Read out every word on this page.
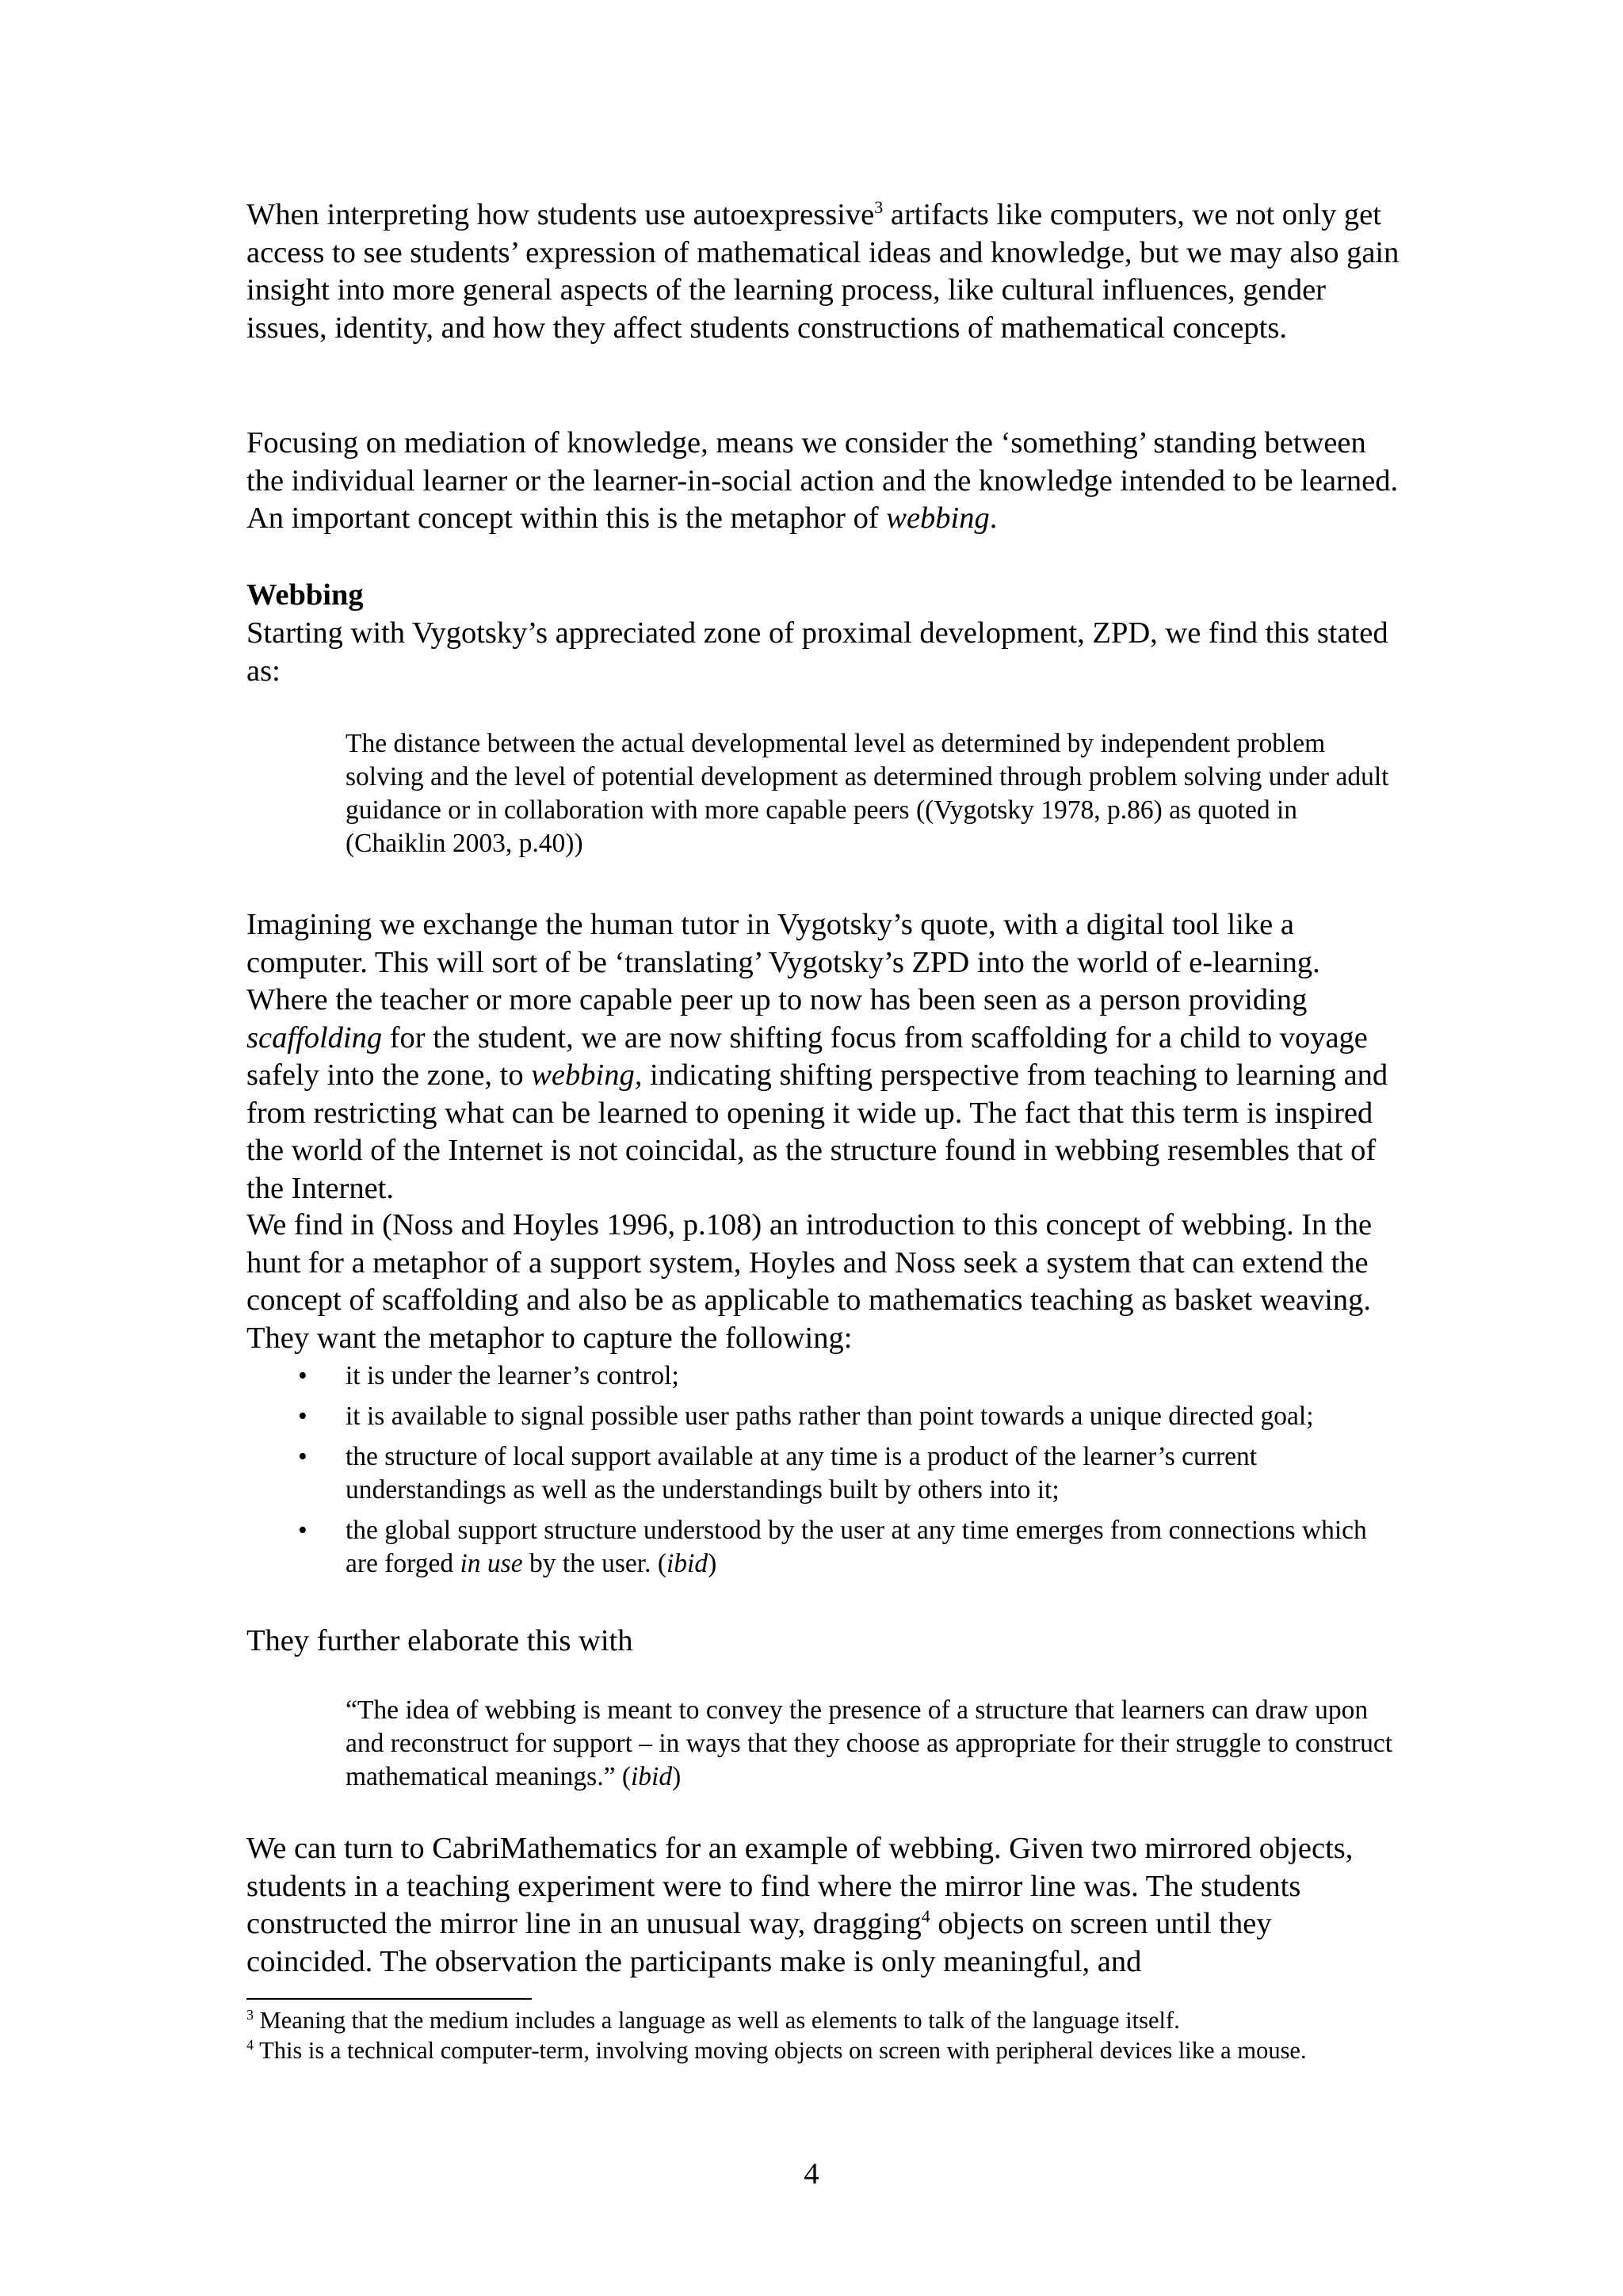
When interpreting how students use autoexpressive$^3$ artifacts like computers, we not only get access to see students’ expression of mathematical ideas and knowledge, but we may also gain insight into more general aspects of the learning process, like cultural influences, gender issues, identity, and how they affect students constructions of mathematical concepts.

Focusing on mediation of knowledge, means we consider the ‘something’ standing between the individual learner or the learner-in-social action and the knowledge intended to be learned. An important concept within this is the metaphor of webbing.

Webbing

Starting with Vygotsky’s appreciated zone of proximal development, ZPD, we find this stated as:

The distance between the actual developmental level as determined by independent problem solving and the level of potential development as determined through problem solving under adult guidance or in collaboration with more capable peers ((Vygotsky 1978, p.86) as quoted in (Chaiklin 2003, p.40))

Imagining we exchange the human tutor in Vygotsky’s quote, with a digital tool like a computer. This will sort of be ‘translating’ Vygotsky’s ZPD into the world of e-learning. Where the teacher or more capable peer up to now has been seen as a person providing scaffolding for the student, we are now shifting focus from scaffolding for a child to voyage safely into the zone, to webbing, indicating shifting perspective from teaching to learning and from restricting what can be learned to opening it wide up. The fact that this term is inspired the world of the Internet is not coincidal, as the structure found in webbing resembles that of the Internet.

We find in (Noss and Hoyles 1996, p.108) an introduction to this concept of webbing. In the hunt for a metaphor of a support system, Hoyles and Noss seek a system that can extend the concept of scaffolding and also be as applicable to mathematics teaching as basket weaving. They want the metaphor to capture the following:

• it is under the learner’s control;
• it is available to signal possible user paths rather than point towards a unique directed goal;
• the structure of local support available at any time is a product of the learner’s current understandings as well as the understandings built by others into it;
• the global support structure understood by the user at any time emerges from connections which are forged in use by the user. (ibid)

They further elaborate this with

“The idea of webbing is meant to convey the presence of a structure that learners can draw upon and reconstruct for support – in ways that they choose as appropriate for their struggle to construct mathematical meanings.” (ibid)

We can turn to CabriMathematics for an example of webbing. Given two mirrored objects, students in a teaching experiment were to find where the mirror line was. The students constructed the mirror line in an unusual way, dragging$^4$ objects on screen until they coincided. The observation the participants make is only meaningful, and

$^3$ Meaning that the medium includes a language as well as elements to talk of the language itself.
$^4$ This is a technical computer-term, involving moving objects on screen with peripheral devices like a mouse.
4
